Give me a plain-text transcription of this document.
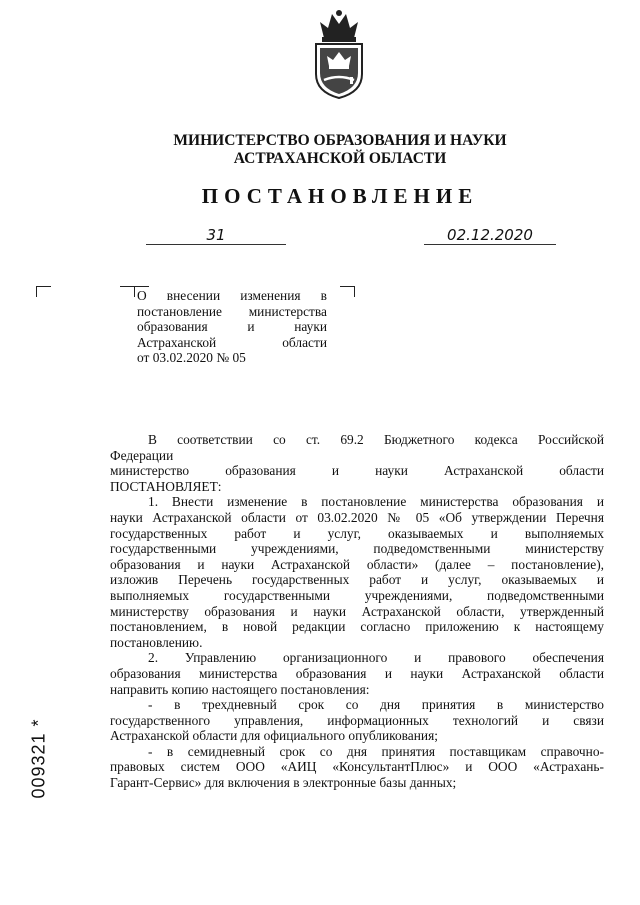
МИНИСТЕРСТВО ОБРАЗОВАНИЯ И НАУКИ
АСТРАХАНСКОЙ ОБЛАСТИ
ПОСТАНОВЛЕНИЕ
31	02.12.2020
О внесении изменения в
постановление министерства
образования и науки
Астраханской области
от 03.02.2020 № 05

В соответствии со ст. 69.2 Бюджетного кодекса Российской
Федерации
министерство образования и науки Астраханской области
ПОСТАНОВЛЯЕТ:

1. Внести изменение в постановление министерства образования и
науки Астраханской области от 03.02.2020 № 05 «Об утверждении Перечня
государственных работ и услуг, оказываемых и выполняемых
государственными учреждениями, подведомственными министерству
образования и науки Астраханской области» (далее – постановление),
изложив Перечень государственных работ и услуг, оказываемых и
выполняемых государственными учреждениями, подведомственными
министерству образования и науки Астраханской области, утвержденный
постановлением, в новой редакции согласно приложению к настоящему
постановлению.

2. Управлению организационного и правового обеспечения
образования министерства образования и науки Астраханской области
направить копию настоящего постановления:

- в трехдневный срок со дня принятия в министерство
государственного управления, информационных технологий и связи
Астраханской области для официального опубликования;

- в семидневный срок со дня принятия поставщикам справочно-
правовых систем ООО «АИЦ «КонсультантПлюс» и ООО «Астрахань-
Гарант-Сервис» для включения в электронные базы данных;

009321 *
